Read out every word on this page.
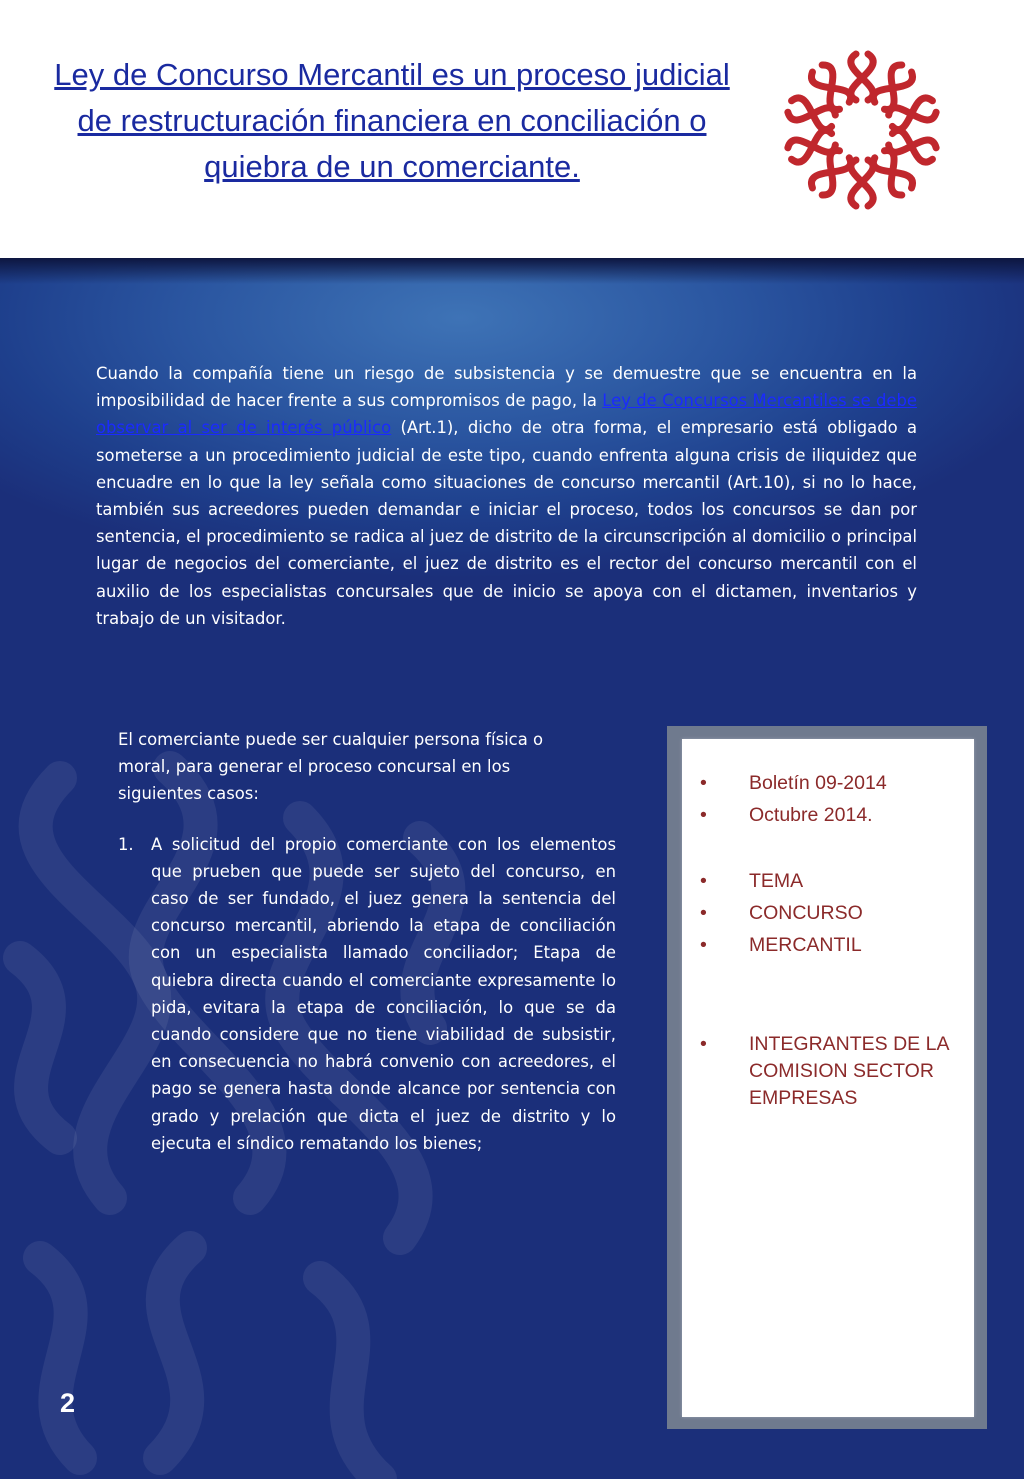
Ley de Concurso Mercantil es un proceso judicial de restructuración financiera en conciliación o quiebra de un comerciante.
Cuando la compañía tiene un riesgo de subsistencia y se demuestre que se encuentra en la imposibilidad de hacer frente a sus compromisos de pago, la Ley de Concursos Mercantiles se debe observar al ser de interés público (Art.1), dicho de otra forma, el empresario está obligado a someterse a un procedimiento judicial de este tipo, cuando enfrenta alguna crisis de iliquidez que encuadre en lo que la ley señala como situaciones de concurso mercantil (Art.10), si no lo hace, también sus acreedores pueden demandar e iniciar el proceso, todos los concursos se dan por sentencia, el procedimiento se radica al juez de distrito de la circunscripción al domicilio o principal lugar de negocios del comerciante, el juez de distrito es el rector del concurso mercantil con el auxilio de los especialistas concursales que de inicio se apoya con el dictamen, inventarios y trabajo de un visitador.

El comerciante puede ser cualquier persona física o moral, para generar el proceso concursal en los siguientes casos:

1. A solicitud del propio comerciante con los elementos que prueben que puede ser sujeto del concurso, en caso de ser fundado, el juez genera la sentencia del concurso mercantil, abriendo la etapa de conciliación con un especialista llamado conciliador; Etapa de quiebra directa cuando el comerciante expresamente lo pida, evitara la etapa de conciliación, lo que se da cuando considere que no tiene viabilidad de subsistir, en consecuencia no habrá convenio con acreedores, el pago se genera hasta donde alcance por sentencia con grado y prelación que dicta el juez de distrito y lo ejecuta el síndico rematando los bienes;
• Boletín 09-2014
• Octubre 2014.
• TEMA
• CONCURSO
• MERCANTIL
• INTEGRANTES DE LA COMISION SECTOR EMPRESAS
2
